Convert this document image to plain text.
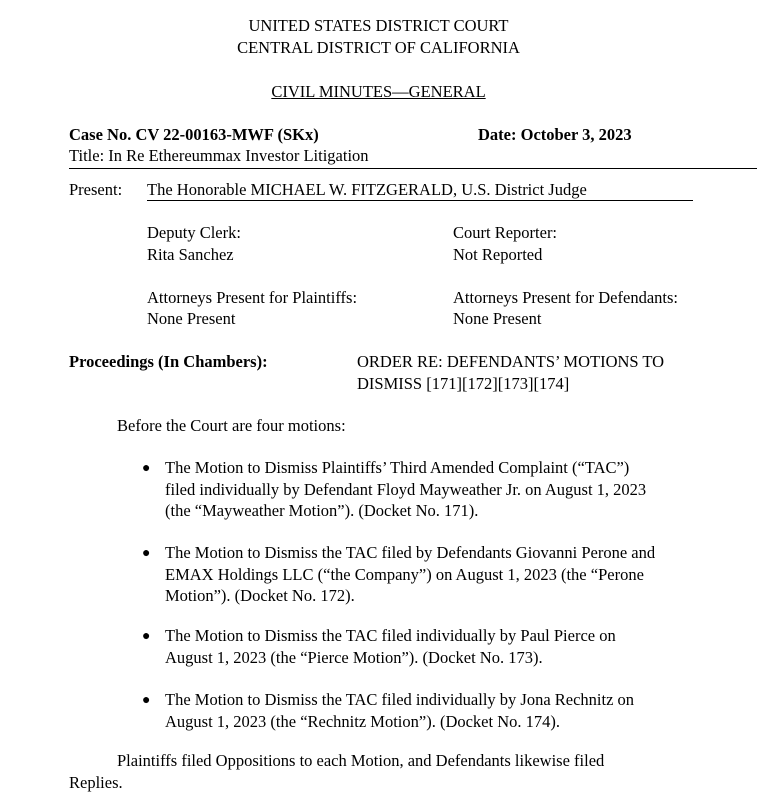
UNITED STATES DISTRICT COURT
CENTRAL DISTRICT OF CALIFORNIA
CIVIL MINUTES—GENERAL
Case No. CV 22-00163-MWF (SKx)	Date: October 3, 2023
Title: In Re Ethereummax Investor Litigation
Present: The Honorable MICHAEL W. FITZGERALD, U.S. District Judge
Deputy Clerk:
Rita Sanchez
Court Reporter:
Not Reported
Attorneys Present for Plaintiffs:
None Present
Attorneys Present for Defendants:
None Present
Proceedings (In Chambers):	ORDER RE: DEFENDANTS’ MOTIONS TO
DISMISS [171][172][173][174]
Before the Court are four motions:
● The Motion to Dismiss Plaintiffs’ Third Amended Complaint (“TAC”)
filed individually by Defendant Floyd Mayweather Jr. on August 1, 2023
(the “Mayweather Motion”). (Docket No. 171).
● The Motion to Dismiss the TAC filed by Defendants Giovanni Perone and
EMAX Holdings LLC (“the Company”) on August 1, 2023 (the “Perone
Motion”). (Docket No. 172).
● The Motion to Dismiss the TAC filed individually by Paul Pierce on
August 1, 2023 (the “Pierce Motion”). (Docket No. 173).
● The Motion to Dismiss the TAC filed individually by Jona Rechnitz on
August 1, 2023 (the “Rechnitz Motion”). (Docket No. 174).
Plaintiffs filed Oppositions to each Motion, and Defendants likewise filed
Replies.
